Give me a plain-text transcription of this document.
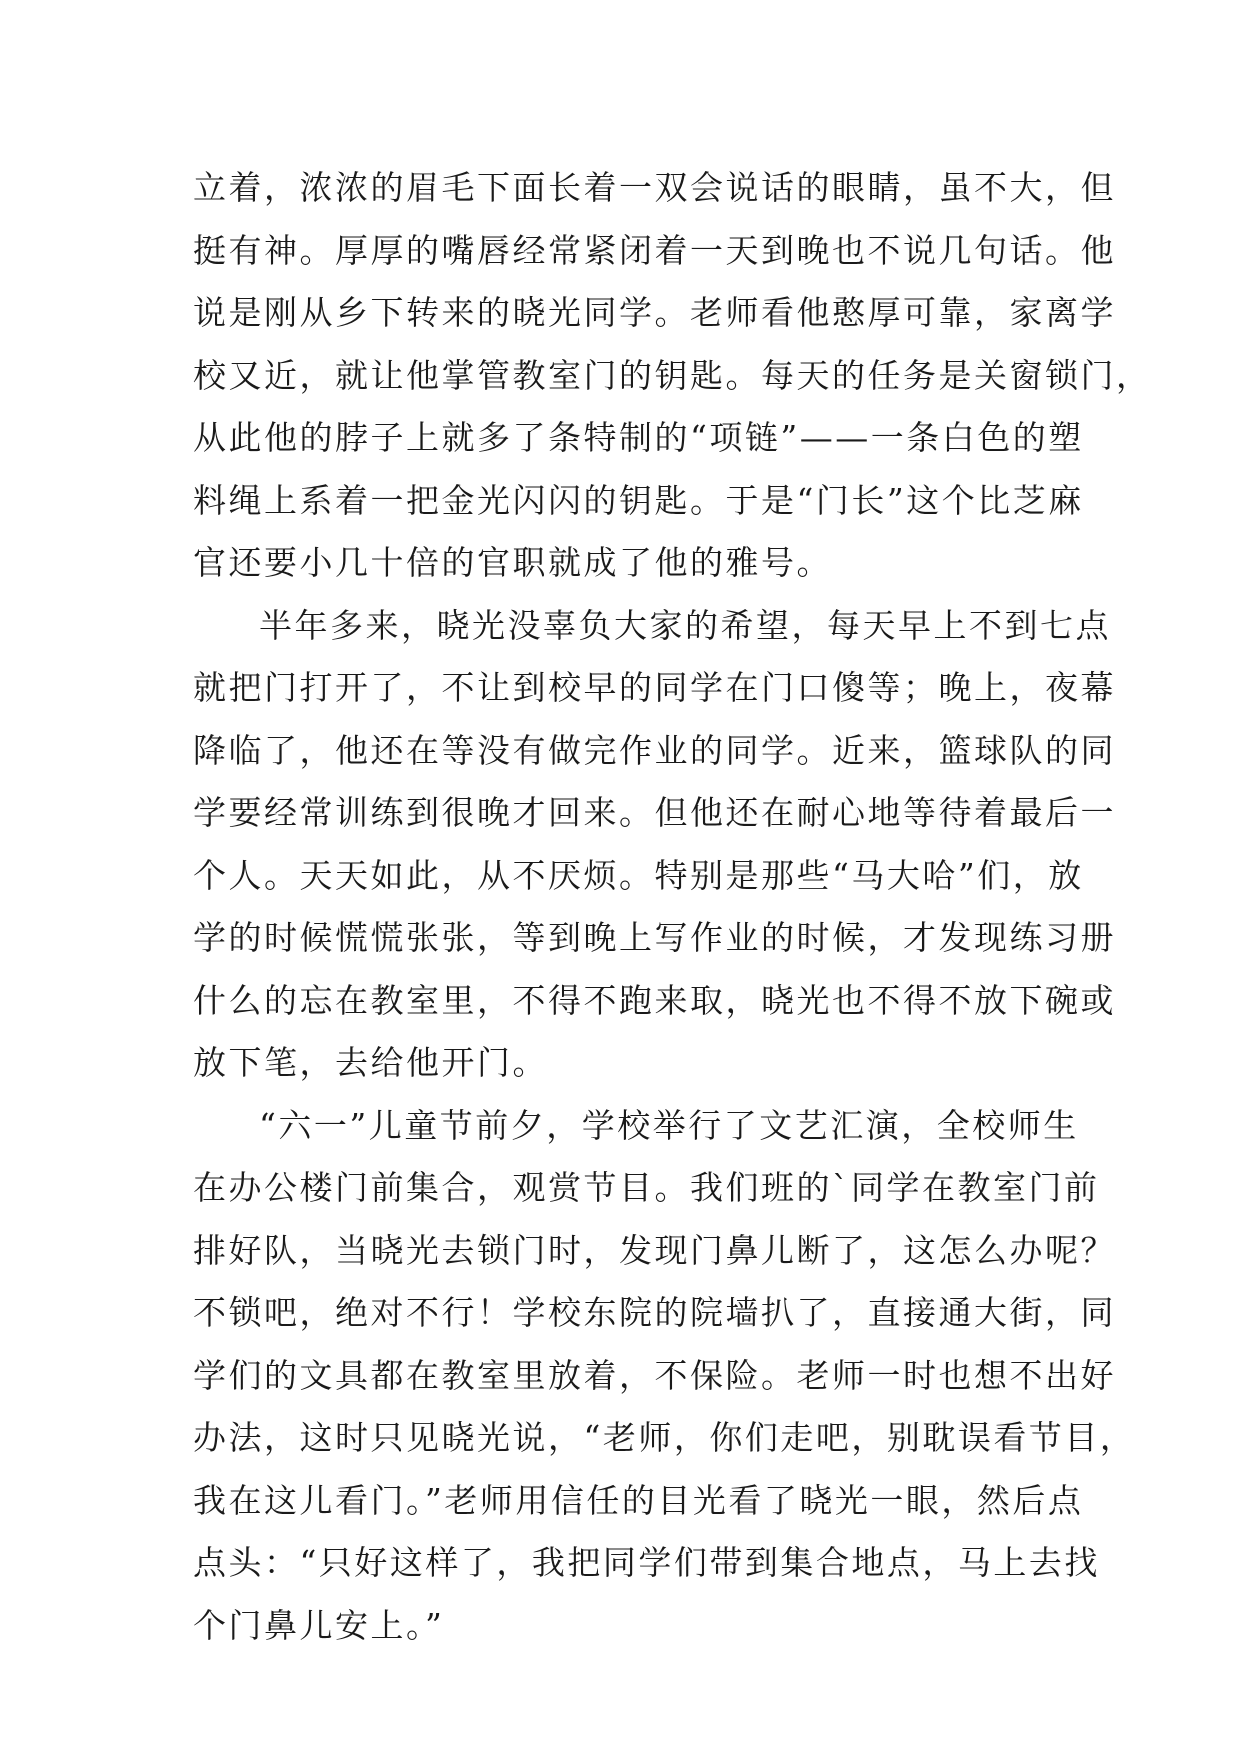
立着，浓浓的眉毛下面长着一双会说话的眼睛，虽不大，但
挺有神。厚厚的嘴唇经常紧闭着一天到晚也不说几句话。他
说是刚从乡下转来的晓光同学。老师看他憨厚可靠，家离学
校又近，就让他掌管教室门的钥匙。每天的任务是关窗锁门，
从此他的脖子上就多了条特制的“项链”——一条白色的塑
料绳上系着一把金光闪闪的钥匙。于是“门长”这个比芝麻
官还要小几十倍的官职就成了他的雅号。
半年多来，晓光没辜负大家的希望，每天早上不到七点
就把门打开了，不让到校早的同学在门口傻等；晚上，夜幕
降临了，他还在等没有做完作业的同学。近来，篮球队的同
学要经常训练到很晚才回来。但他还在耐心地等待着最后一
个人。天天如此，从不厌烦。特别是那些“马大哈”们，放
学的时候慌慌张张，等到晚上写作业的时候，才发现练习册
什么的忘在教室里，不得不跑来取，晓光也不得不放下碗或
放下笔，去给他开门。
“六一”儿童节前夕，学校举行了文艺汇演，全校师生
在办公楼门前集合，观赏节目。我们班的`同学在教室门前
排好队，当晓光去锁门时，发现门鼻儿断了，这怎么办呢？
不锁吧，绝对不行！学校东院的院墙扒了，直接通大街，同
学们的文具都在教室里放着，不保险。老师一时也想不出好
办法，这时只见晓光说，“老师，你们走吧，别耽误看节目，
我在这儿看门。”老师用信任的目光看了晓光一眼，然后点
点头：“只好这样了，我把同学们带到集合地点，马上去找
个门鼻儿安上。”
